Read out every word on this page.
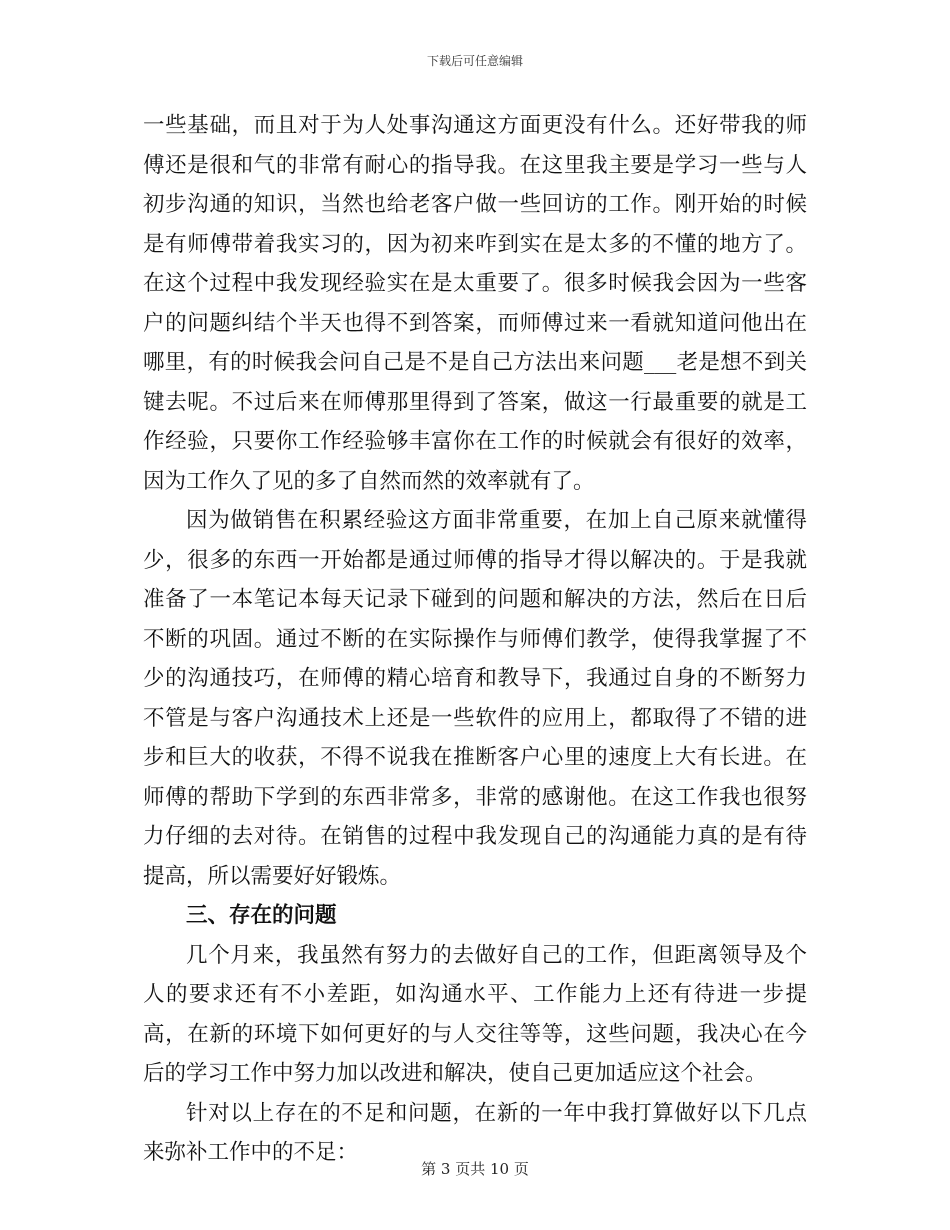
下载后可任意编辑

一些基础，而且对于为人处事沟通这方面更没有什么。还好带我的师傅还是很和气的非常有耐心的指导我。在这里我主要是学习一些与人初步沟通的知识，当然也给老客户做一些回访的工作。刚开始的时候是有师傅带着我实习的，因为初来咋到实在是太多的不懂的地方了。在这个过程中我发现经验实在是太重要了。很多时候我会因为一些客户的问题纠结个半天也得不到答案，而师傅过来一看就知道问他出在哪里，有的时候我会问自己是不是自己方法出来问题___老是想不到关键去呢。不过后来在师傅那里得到了答案，做这一行最重要的就是工作经验，只要你工作经验够丰富你在工作的时候就会有很好的效率，因为工作久了见的多了自然而然的效率就有了。

因为做销售在积累经验这方面非常重要，在加上自己原来就懂得少，很多的东西一开始都是通过师傅的指导才得以解决的。于是我就准备了一本笔记本每天记录下碰到的问题和解决的方法，然后在日后不断的巩固。通过不断的在实际操作与师傅们教学，使得我掌握了不少的沟通技巧，在师傅的精心培育和教导下，我通过自身的不断努力不管是与客户沟通技术上还是一些软件的应用上，都取得了不错的进步和巨大的收获，不得不说我在推断客户心里的速度上大有长进。在师傅的帮助下学到的东西非常多，非常的感谢他。在这工作我也很努力仔细的去对待。在销售的过程中我发现自己的沟通能力真的是有待提高，所以需要好好锻炼。

三、存在的问题

几个月来，我虽然有努力的去做好自己的工作，但距离领导及个人的要求还有不小差距，如沟通水平、工作能力上还有待进一步提高，在新的环境下如何更好的与人交往等等，这些问题，我决心在今后的学习工作中努力加以改进和解决，使自己更加适应这个社会。

针对以上存在的不足和问题，在新的一年中我打算做好以下几点来弥补工作中的不足：

第 3 页共 10 页
